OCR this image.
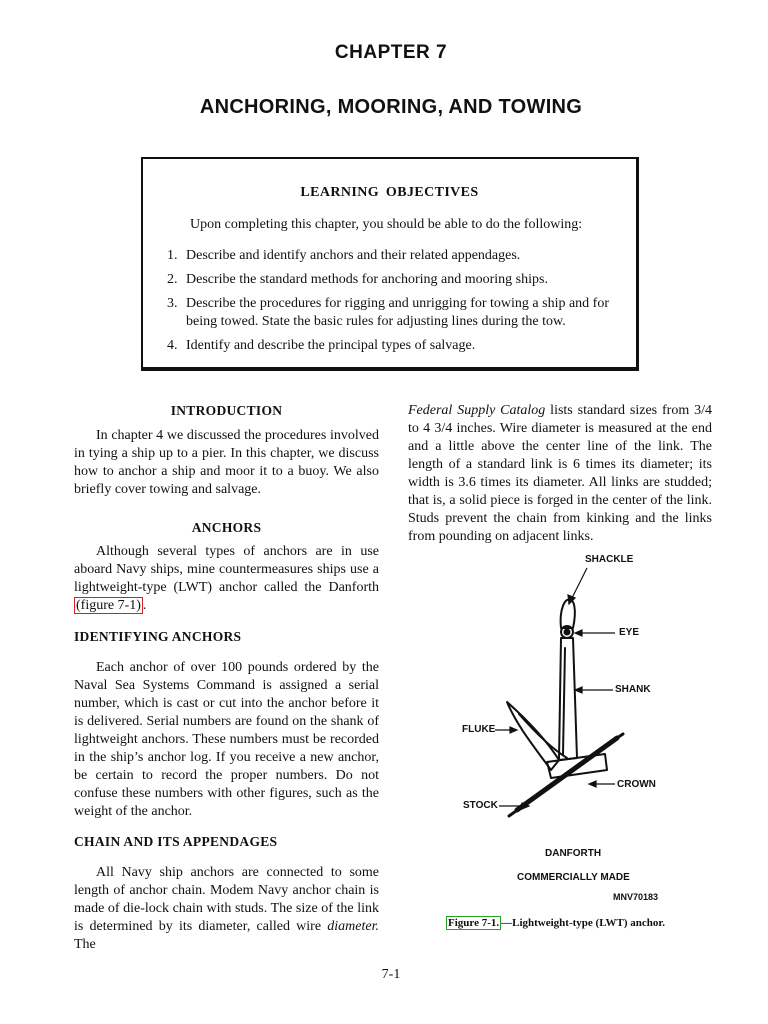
CHAPTER 7
ANCHORING, MOORING, AND TOWING
LEARNING OBJECTIVES
Upon completing this chapter, you should be able to do the following:
1. Describe and identify anchors and their related appendages.
2. Describe the standard methods for anchoring and mooring ships.
3. Describe the procedures for rigging and unrigging for towing a ship and for being towed. State the basic rules for adjusting lines during the tow.
4. Identify and describe the principal types of salvage.
INTRODUCTION

In chapter 4 we discussed the procedures involved in tying a ship up to a pier. In this chapter, we discuss how to anchor a ship and moor it to a buoy. We also briefly cover towing and salvage.

ANCHORS

Although several types of anchors are in use aboard Navy ships, mine countermeasures ships use a lightweight-type (LWT) anchor called the Danforth (figure 7-1) .

IDENTIFYING ANCHORS

Each anchor of over 100 pounds ordered by the Naval Sea Systems Command is assigned a serial number, which is cast or cut into the anchor before it is delivered. Serial numbers are found on the shank of lightweight anchors. These numbers must be recorded in the ship’s anchor log. If you receive a new anchor, be certain to record the proper numbers. Do not confuse these numbers with other figures, such as the weight of the anchor.

CHAIN AND ITS APPENDAGES

All Navy ship anchors are connected to some length of anchor chain. Modem Navy anchor chain is made of die-lock chain with studs. The size of the link is determined by its diameter, called wire diameter. The

Federal Supply Catalog lists standard sizes from 3/4 to 4 3/4 inches. Wire diameter is measured at the end and a little above the center line of the link. The length of a standard link is 6 times its diameter; its width is 3.6 times its diameter. All links are studded; that is, a solid piece is forged in the center of the link. Studs prevent the chain from kinking and the links from pounding on adjacent links.

SHACKLE
EYE
SHANK
FLUKE
CROWN
STOCK
DANFORTH
COMMERCIALLY MADE
MNV70183
Figure 7-1. —Lightweight-type (LWT) anchor.
7-1
